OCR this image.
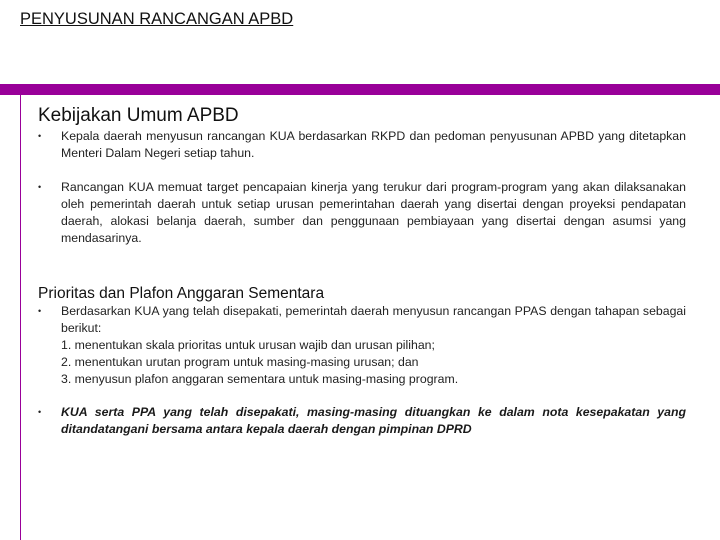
PENYUSUNAN RANCANGAN APBD
Kebijakan Umum APBD
• Kepala daerah menyusun rancangan KUA berdasarkan RKPD dan pedoman penyusunan APBD yang ditetapkan Menteri Dalam Negeri setiap tahun.
• Rancangan KUA memuat target pencapaian kinerja yang terukur dari program-program yang akan dilaksanakan oleh pemerintah daerah untuk setiap urusan pemerintahan daerah yang disertai dengan proyeksi pendapatan daerah, alokasi belanja daerah, sumber dan penggunaan pembiayaan yang disertai dengan asumsi yang mendasarinya.
Prioritas dan Plafon Anggaran Sementara
• Berdasarkan KUA yang telah disepakati, pemerintah daerah menyusun rancangan PPAS dengan tahapan sebagai berikut:
1. menentukan skala prioritas untuk urusan wajib dan urusan pilihan;
2. menentukan urutan program untuk masing-masing urusan; dan
3. menyusun plafon anggaran sementara untuk masing-masing program.
• KUA serta PPA yang telah disepakati, masing-masing dituangkan ke dalam nota kesepakatan yang ditandatangani bersama antara kepala daerah dengan pimpinan DPRD
